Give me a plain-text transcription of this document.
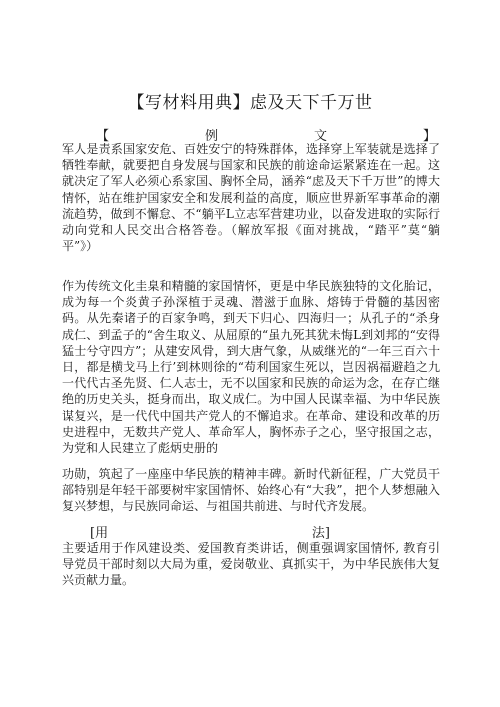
【写材料用典】虑及天下千万世
【	例	文	】

军人是责系国家安危、百姓安宁的特殊群体，选择穿上军装就是选择了牺牲奉献，就要把自身发展与国家和民族的前途命运紧紧连在一起。这就决定了军人必须心系家国、胸怀全局，涵养“虑及天下千万世”的博大情怀，站在维护国家安全和发展利益的高度，顺应世界新军事革命的潮流趋势，做到不懈怠、不“躺平L立志军营建功业，以奋发进取的实际行动向党和人民交出合格答卷。（解放军报《面对挑战，“踏平”莫“躺平”》）

作为传统文化圭臬和精髓的家国情怀，更是中华民族独特的文化胎记，成为每一个炎黄子孙深植于灵魂、潜滋于血脉、熔铸于骨髓的基因密码。从先秦诸子的百家争鸣，到天下归心、四海归一；从孔子的“杀身成仁、到孟子的“舍生取义、从屈原的“虽九死其犹未悔L到刘邦的“安得猛士兮守四方”；从建安风骨，到大唐气象，从威继光的“一年三百六十日，都是横戈马上行’到林则徐的“苟利国家生死以，岂因祸福避趋之九一代代古圣先贤、仁人志士，无不以国家和民族的命运为念，在存亡继绝的历史关头，挺身而出，取义成仁。为中国人民谋幸福、为中华民族谋复兴，是一代代中国共产党人的不懈追求。在革命、建设和改革的历史进程中，无数共产党人、革命军人，胸怀赤子之心，坚守报国之志，为党和人民建立了彪炳史册的

功勋，筑起了一座座中华民族的精神丰碑。新时代新征程，广大党员干部特别是年轻干部要树牢家国情怀、始终心有“大我”，把个人梦想融入复兴梦想，与民族同命运、与祖国共前进、与时代齐发展。

[用	法]

主要适用于作风建设类、爱国教育类讲话，侧重强调家国情怀, 教育引导党员干部时刻以大局为重，爱岗敬业、真抓实干，为中华民族伟大复兴贡献力量。
